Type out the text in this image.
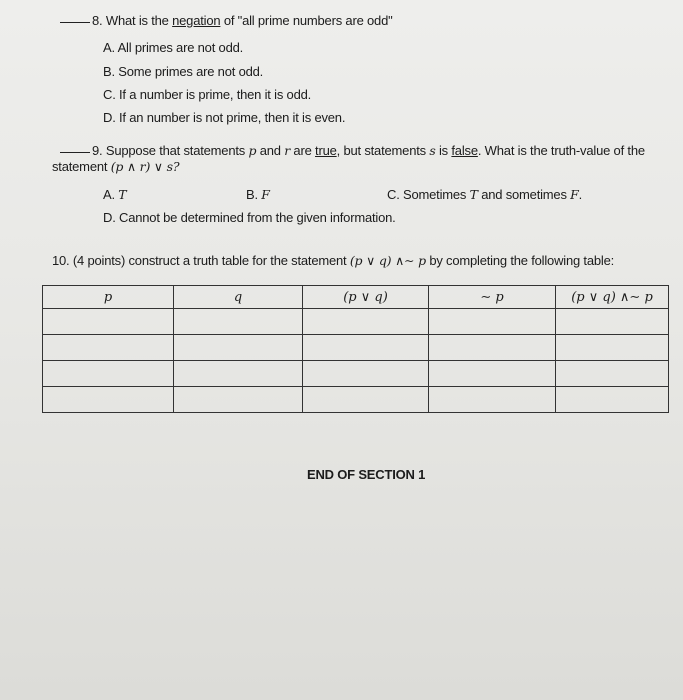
8. What is the negation of "all prime numbers are odd"
A. All primes are not odd.
B. Some primes are not odd.
C. If a number is prime, then it is odd.
D. If an number is not prime, then it is even.
9. Suppose that statements p and r are true, but statements s is false. What is the truth-value of the
statement (p ∧ r) ∨ s?
A. T	B. F	C. Sometimes T and sometimes F.
D. Cannot be determined from the given information.
10. (4 points) construct a truth table for the statement (p ∨ q) ∧∼ p by completing the following table:
p	q	(p ∨ q)	∼ p	(p ∨ q) ∧∼ p

END OF SECTION 1
